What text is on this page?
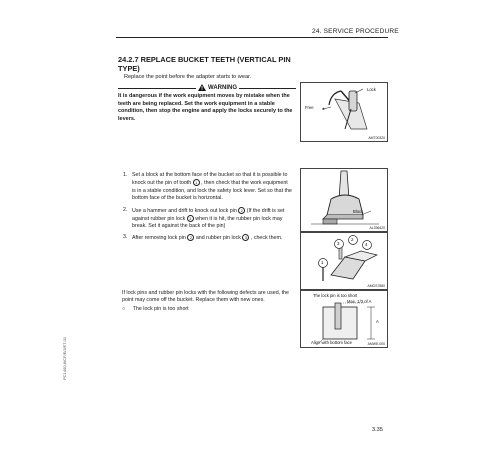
24. SERVICE PROCEDURE
24.2.7 REPLACE BUCKET TEETH (VERTICAL PIN TYPE)
Replace the point before the adapter starts to wear.
WARNING
It is dangerous if the work equipment moves by mistake when the teeth are being replaced. Set the work equipment in a stable condition, then stop the engine and apply the locks securely to the levers.
Lock
Free
AMT00320
1. Set a block at the bottom face of the bucket so that it is possible to knock out the pin of tooth 1 , then check that the work equipment is in a stable condition, and lock the safety lock lever. Set so that the bottom face of the bucket is horizontal.
2. Use a hammer and drift to knock out lock pin 2 (If the drift is set against rubber pin lock 3 when it is hit, the rubber pin lock may break. Set it against the back of the pin)
3. After removing lock pin 2 and rubber pin lock 3 , check them.
Block
AL396420
1
2
3	4
AMGS7880
If lock pins and rubber pin locks with the following defects are used, the point may come off the bucket. Replace them with new ones.
○ The lock pin is too short
The lock pin is too short
Max. 1/3 of A
A
Align with bottom face	AMWE-000
PC1400-8/CF/E/J/ET-01
3.35
